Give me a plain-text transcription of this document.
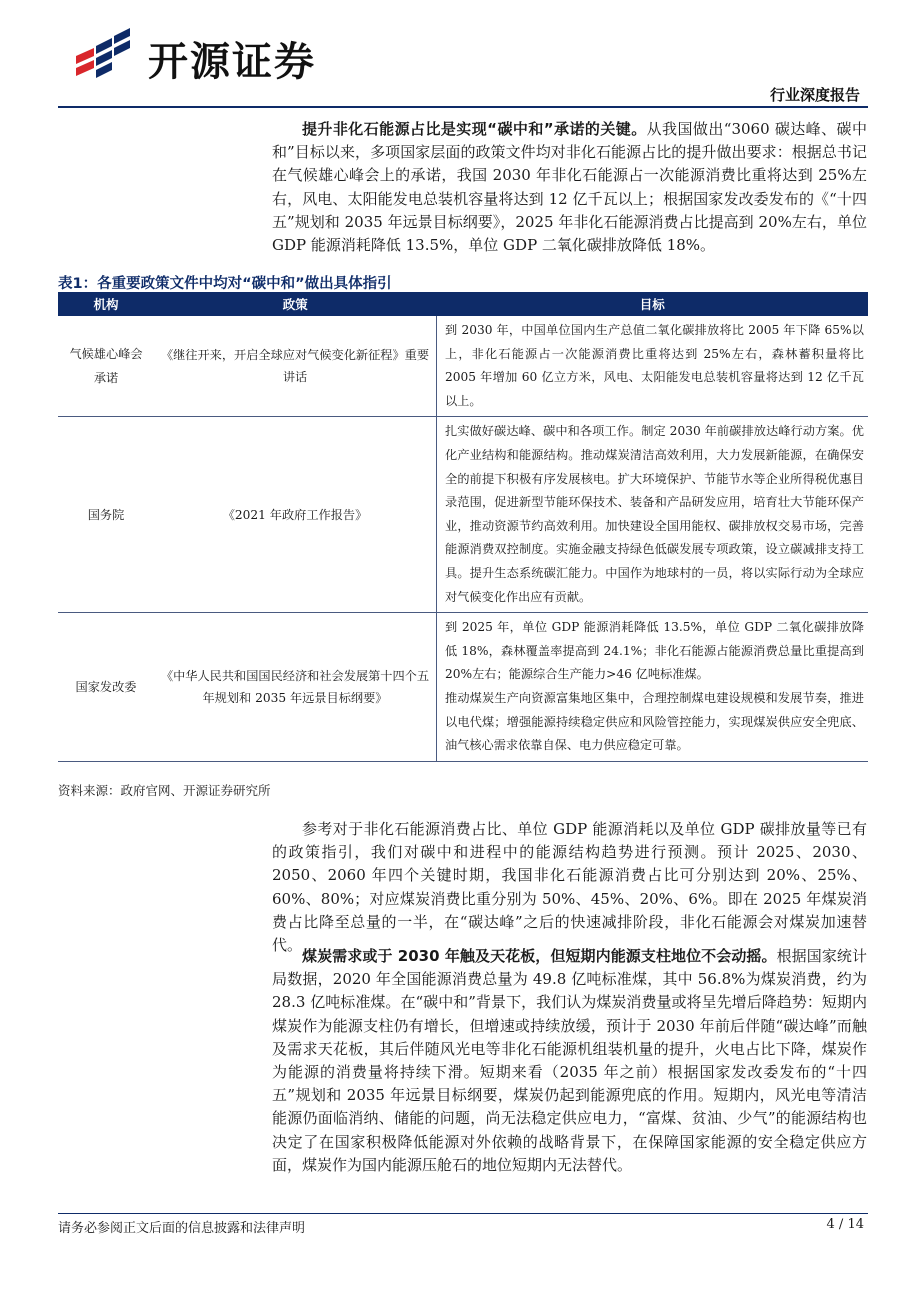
开源证券
行业深度报告

提升非化石能源占比是实现“碳中和”承诺的关键。从我国做出“3060 碳达峰、碳中和”目标以来，多项国家层面的政策文件均对非化石能源占比的提升做出要求：根据总书记在气候雄心峰会上的承诺，我国 2030 年非化石能源占一次能源消费比重将达到 25%左右，风电、太阳能发电总装机容量将达到 12 亿千瓦以上；根据国家发改委发布的《“十四五”规划和 2035 年远景目标纲要》，2025 年非化石能源消费占比提高到 20%左右，单位 GDP 能源消耗降低 13.5%，单位 GDP 二氧化碳排放降低 18%。

表1：各重要政策文件中均对“碳中和”做出具体指引
机构	政策	目标
气候雄心峰会承诺	《继往开来，开启全球应对气候变化新征程》重要讲话	到 2030 年，中国单位国内生产总值二氧化碳排放将比 2005 年下降 65%以上，非化石能源占一次能源消费比重将达到 25%左右，森林蓄积量将比 2005 年增加 60 亿立方米，风电、太阳能发电总装机容量将达到 12 亿千瓦以上。
国务院	《2021 年政府工作报告》	扎实做好碳达峰、碳中和各项工作。制定 2030 年前碳排放达峰行动方案。优化产业结构和能源结构。推动煤炭清洁高效利用，大力发展新能源，在确保安全的前提下积极有序发展核电。扩大环境保护、节能节水等企业所得税优惠目录范围，促进新型节能环保技术、装备和产品研发应用，培育壮大节能环保产业，推动资源节约高效利用。加快建设全国用能权、碳排放权交易市场，完善能源消费双控制度。实施金融支持绿色低碳发展专项政策，设立碳减排支持工具。提升生态系统碳汇能力。中国作为地球村的一员，将以实际行动为全球应对气候变化作出应有贡献。
国家发改委	《中华人民共和国国民经济和社会发展第十四个五年规划和 2035 年远景目标纲要》	到 2025 年，单位 GDP 能源消耗降低 13.5%，单位 GDP 二氧化碳排放降低 18%，森林覆盖率提高到 24.1%；非化石能源占能源消费总量比重提高到 20%左右；能源综合生产能力>46 亿吨标准煤。
推动煤炭生产向资源富集地区集中，合理控制煤电建设规模和发展节奏，推进以电代煤；增强能源持续稳定供应和风险管控能力，实现煤炭供应安全兜底、油气核心需求依靠自保、电力供应稳定可靠。
资料来源：政府官网、开源证券研究所

参考对于非化石能源消费占比、单位 GDP 能源消耗以及单位 GDP 碳排放量等已有的政策指引，我们对碳中和进程中的能源结构趋势进行预测。预计 2025、2030、2050、2060 年四个关键时期，我国非化石能源消费占比可分别达到 20%、25%、60%、80%；对应煤炭消费比重分别为 50%、45%、20%、6%。即在 2025 年煤炭消费占比降至总量的一半，在“碳达峰”之后的快速减排阶段，非化石能源会对煤炭加速替代。

煤炭需求或于 2030 年触及天花板，但短期内能源支柱地位不会动摇。根据国家统计局数据，2020 年全国能源消费总量为 49.8 亿吨标准煤，其中 56.8%为煤炭消费，约为 28.3 亿吨标准煤。在“碳中和”背景下，我们认为煤炭消费量或将呈先增后降趋势：短期内煤炭作为能源支柱仍有增长，但增速或持续放缓，预计于 2030 年前后伴随“碳达峰”而触及需求天花板，其后伴随风光电等非化石能源机组装机量的提升，火电占比下降，煤炭作为能源的消费量将持续下滑。短期来看（2035 年之前）根据国家发改委发布的“十四五”规划和 2035 年远景目标纲要，煤炭仍起到能源兜底的作用。短期内，风光电等清洁能源仍面临消纳、储能的问题，尚无法稳定供应电力，“富煤、贫油、少气”的能源结构也决定了在国家积极降低能源对外依赖的战略背景下，在保障国家能源的安全稳定供应方面，煤炭作为国内能源压舱石的地位短期内无法替代。

请务必参阅正文后面的信息披露和法律声明	4 / 14
